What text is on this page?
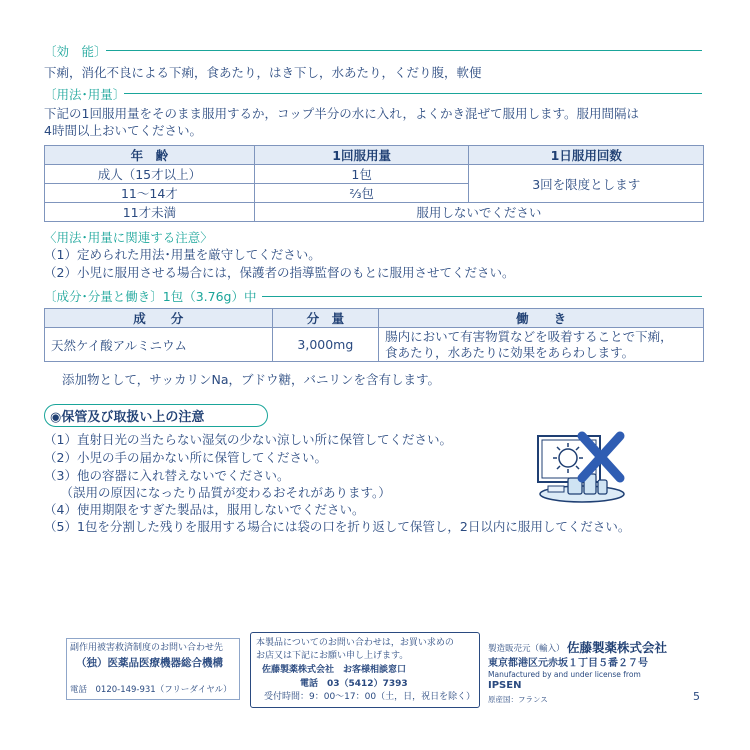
〔効　能〕
下痢，消化不良による下痢，食あたり，はき下し，水あたり，くだり腹，軟便
〔用法･用量〕
下記の1回服用量をそのまま服用するか，コップ半分の水に入れ，よくかき混ぜて服用します。服用間隔は
4時間以上おいてください。
年　齢	1回服用量	1日服用回数
成人（15才以上）	1包	3回を限度とします
11～14才	⅔包	
11才未満	服用しないでください	
〈用法･用量に関連する注意〉
（1）定められた用法･用量を厳守してください。
（2）小児に服用させる場合には，保護者の指導監督のもとに服用させてください。
〔成分･分量と働き〕1包（3.76g）中
成　　分	分　量	働　　き
天然ケイ酸アルミニウム	3,000mg	腸内において有害物質などを吸着することで下痢，
食あたり，水あたりに効果をあらわします。
添加物として，サッカリンNa，ブドウ糖，バニリンを含有します。
◉保管及び取扱い上の注意
（1）直射日光の当たらない湿気の少ない涼しい所に保管してください。
（2）小児の手の届かない所に保管してください。
（3）他の容器に入れ替えないでください。
　 （誤用の原因になったり品質が変わるおそれがあります。）
（4）使用期限をすぎた製品は，服用しないでください。
（5）1包を分割した残りを服用する場合には袋の口を折り返して保管し，2日以内に服用してください。
副作用被害救済制度のお問い合わせ先
（独）医薬品医療機器総合機構
電話　0120-149-931（フリーダイヤル）
本製品についてのお問い合わせは，お買い求めの
お店又は下記にお願い申し上げます。
佐藤製薬株式会社　お客様相談窓口
電話　03（5412）7393
受付時間：9：00～17：00（土，日，祝日を除く）
製造販売元（輸入） 佐藤製薬株式会社
東京都港区元赤坂１丁目５番２７号
Manufactured by and under license from
IPSEN
原産国：フランス	5
